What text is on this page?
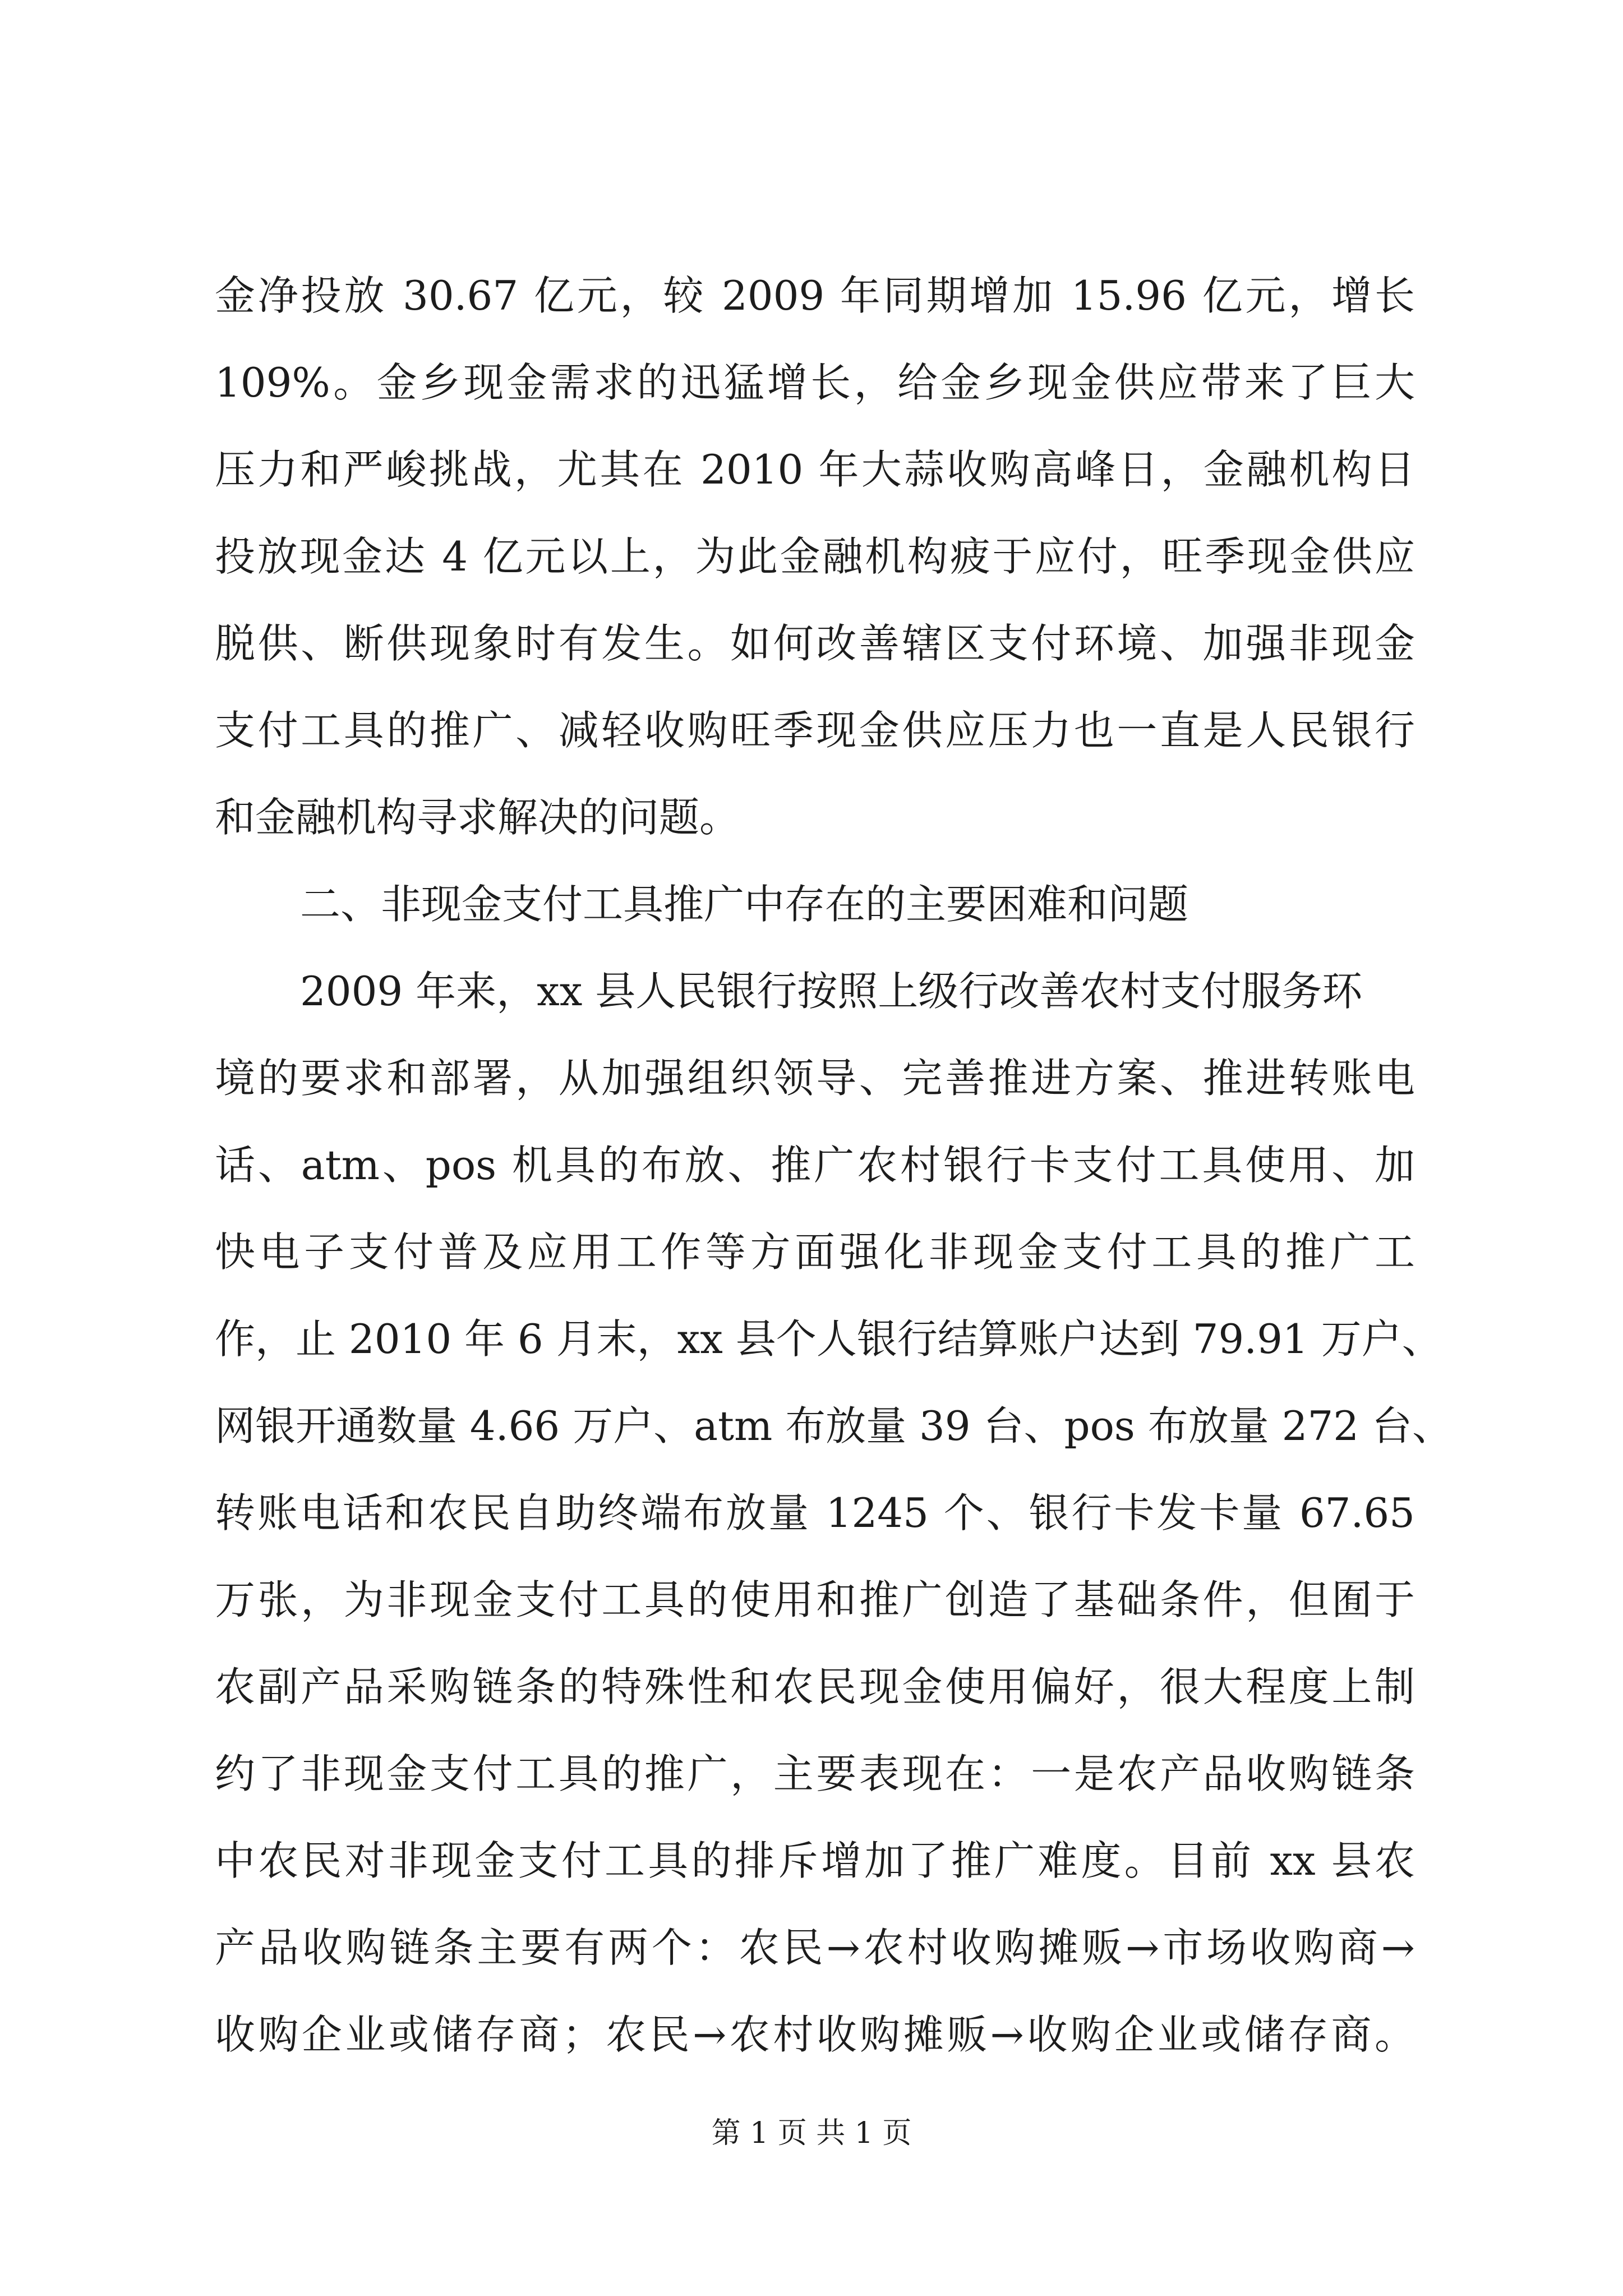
金净投放 30.67 亿元，较 2009 年同期增加 15.96 亿元，增长
109%。金乡现金需求的迅猛增长，给金乡现金供应带来了巨大
压力和严峻挑战，尤其在 2010 年大蒜收购高峰日，金融机构日
投放现金达 4 亿元以上，为此金融机构疲于应付，旺季现金供应
脱供、断供现象时有发生。如何改善辖区支付环境、加强非现金
支付工具的推广、减轻收购旺季现金供应压力也一直是人民银行
和金融机构寻求解决的问题。
二、非现金支付工具推广中存在的主要困难和问题
2009 年来，xx 县人民银行按照上级行改善农村支付服务环
境的要求和部署，从加强组织领导、完善推进方案、推进转账电
话、atm、pos 机具的布放、推广农村银行卡支付工具使用、加
快电子支付普及应用工作等方面强化非现金支付工具的推广工
作，止 2010 年 6 月末，xx 县个人银行结算账户达到 79.91 万户、
网银开通数量 4.66 万户、atm 布放量 39 台、pos 布放量 272 台、
转账电话和农民自助终端布放量 1245 个、银行卡发卡量 67.65
万张，为非现金支付工具的使用和推广创造了基础条件，但囿于
农副产品采购链条的特殊性和农民现金使用偏好，很大程度上制
约了非现金支付工具的推广，主要表现在：一是农产品收购链条
中农民对非现金支付工具的排斥增加了推广难度。目前 xx 县农
产品收购链条主要有两个：农民→农村收购摊贩→市场收购商→
收购企业或储存商；农民→农村收购摊贩→收购企业或储存商。
第 1 页 共 1 页
